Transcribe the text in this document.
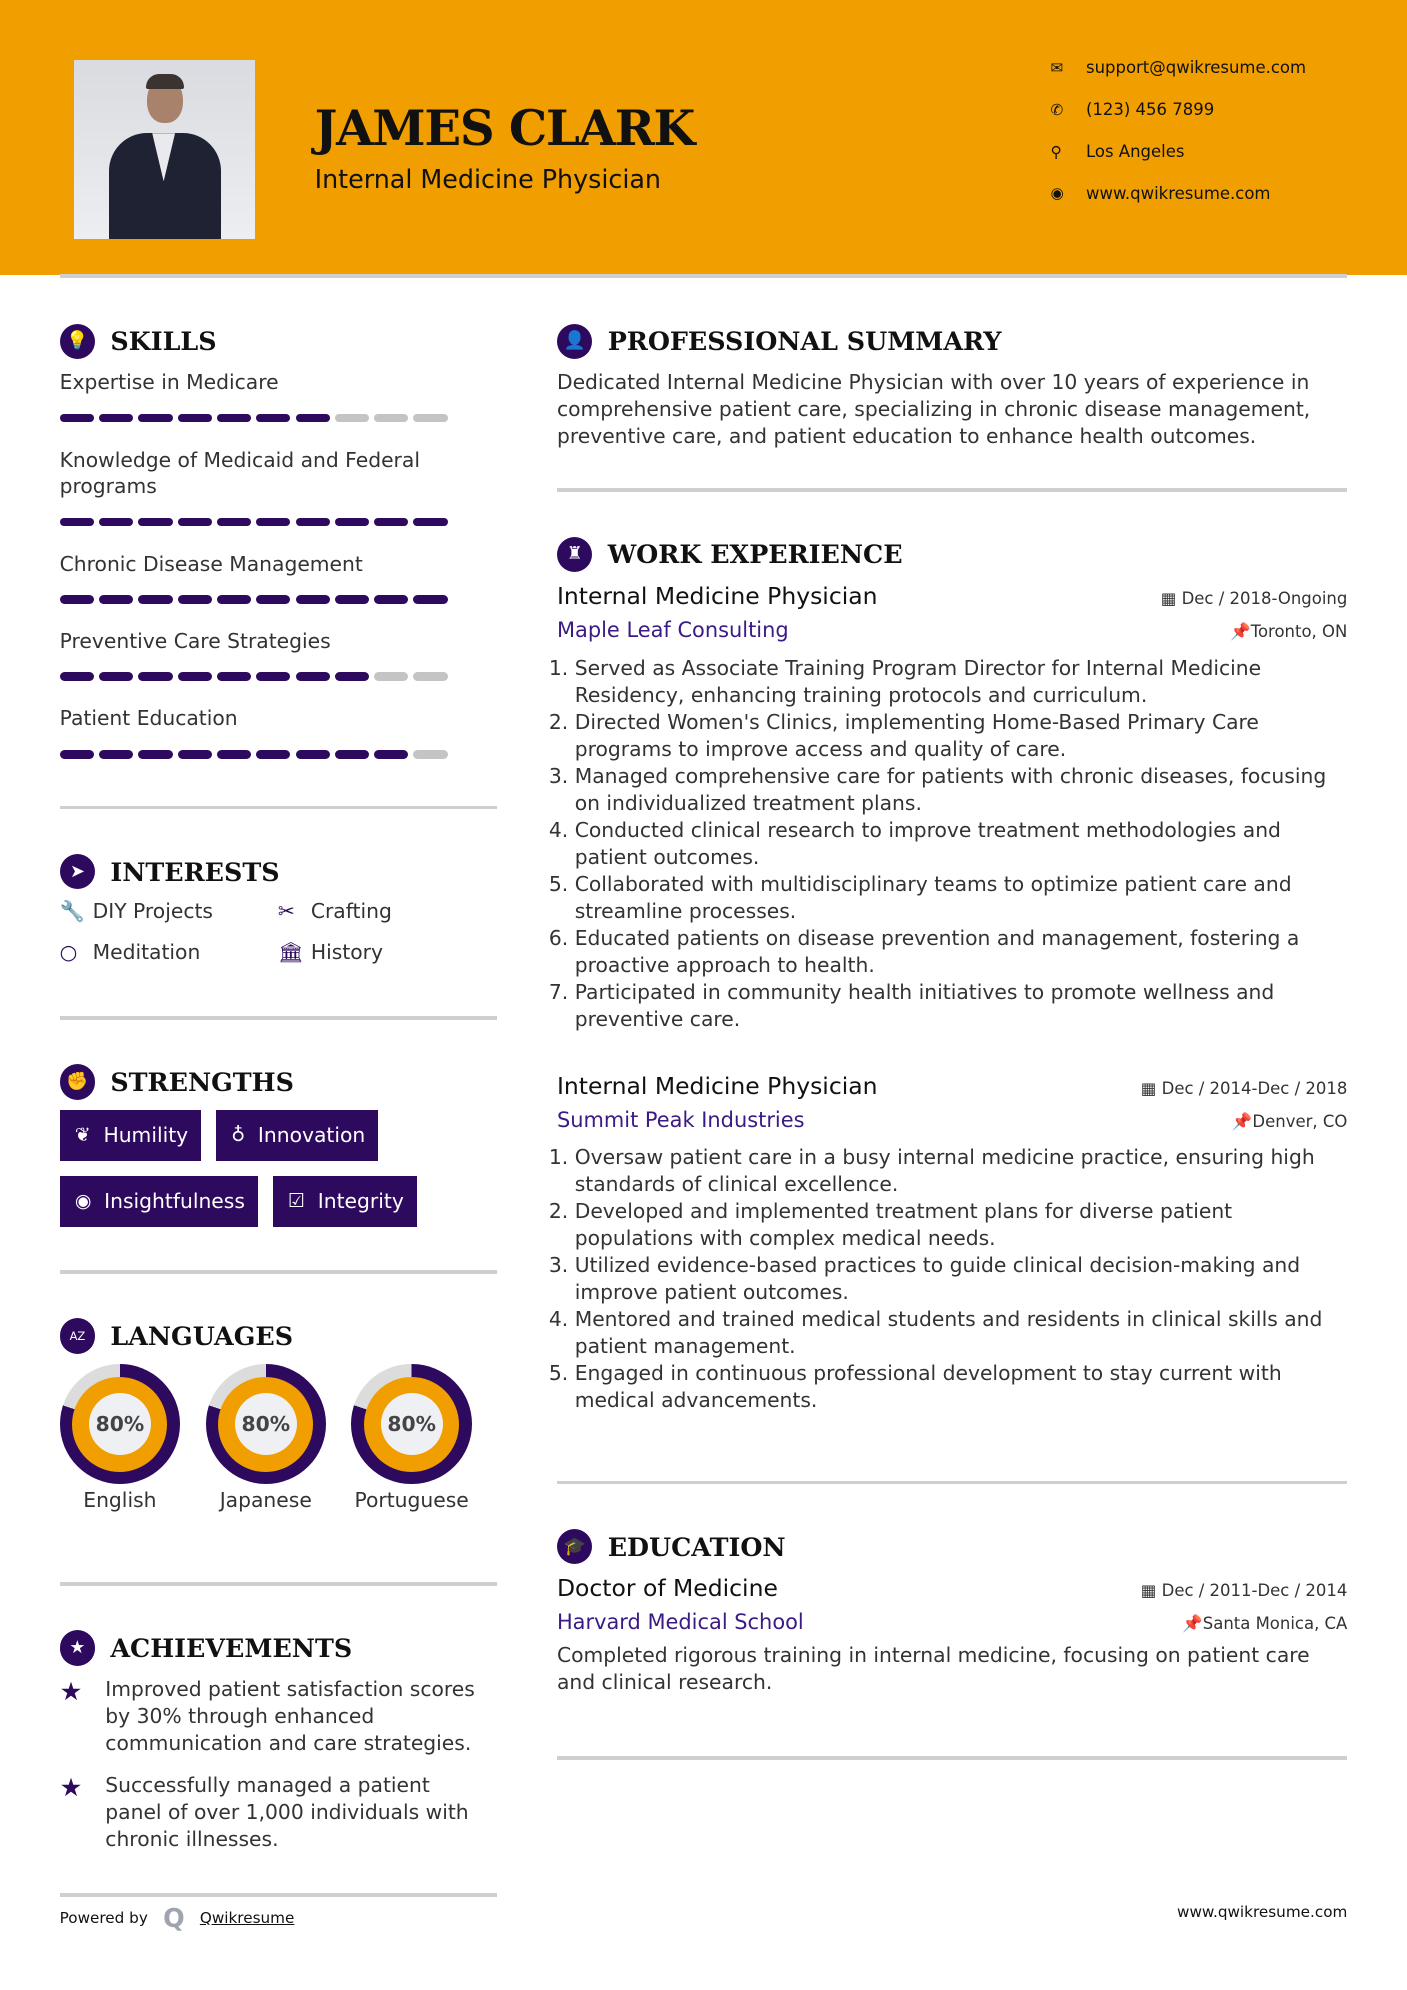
JAMES CLARK
Internal Medicine Physician
✉	support@qwikresume.com
✆	(123) 456 7899
⚲	Los Angeles
◉	www.qwikresume.com
💡	SKILLS
Expertise in Medicare
Knowledge of Medicaid and Federal programs
Chronic Disease Management
Preventive Care Strategies
Patient Education
➤	INTERESTS
🔧 DIY Projects	✂ Crafting
○ Meditation	🏛 History
✊	STRENGTHS
❦ Humility	♁ Innovation
◉ Insightfulness	☑ Integrity
AZ	LANGUAGES
80%
English
80%
Japanese
80%
Portuguese
★	ACHIEVEMENTS
★	Improved patient satisfaction scores by 30% through enhanced communication and care strategies.
★	Successfully managed a patient panel of over 1,000 individuals with chronic illnesses.
👤	PROFESSIONAL SUMMARY

Dedicated Internal Medicine Physician with over 10 years of experience in comprehensive patient care, specializing in chronic disease management, preventive care, and patient education to enhance health outcomes.

♜	WORK EXPERIENCE
Internal Medicine Physician	▦ Dec / 2018-Ongoing
Maple Leaf Consulting	📌Toronto, ON
1. Served as Associate Training Program Director for Internal Medicine Residency, enhancing training protocols and curriculum.
2. Directed Women's Clinics, implementing Home-Based Primary Care programs to improve access and quality of care.
3. Managed comprehensive care for patients with chronic diseases, focusing on individualized treatment plans.
4. Conducted clinical research to improve treatment methodologies and patient outcomes.
5. Collaborated with multidisciplinary teams to optimize patient care and streamline processes.
6. Educated patients on disease prevention and management, fostering a proactive approach to health.
7. Participated in community health initiatives to promote wellness and preventive care.
Internal Medicine Physician	▦ Dec / 2014-Dec / 2018
Summit Peak Industries	📌Denver, CO
1. Oversaw patient care in a busy internal medicine practice, ensuring high standards of clinical excellence.
2. Developed and implemented treatment plans for diverse patient populations with complex medical needs.
3. Utilized evidence-based practices to guide clinical decision-making and improve patient outcomes.
4. Mentored and trained medical students and residents in clinical skills and patient management.
5. Engaged in continuous professional development to stay current with medical advancements.
🎓	EDUCATION
Doctor of Medicine	▦ Dec / 2011-Dec / 2014
Harvard Medical School	📌Santa Monica, CA

Completed rigorous training in internal medicine, focusing on patient care and clinical research.

Powered by Q Qwikresume	www.qwikresume.com
